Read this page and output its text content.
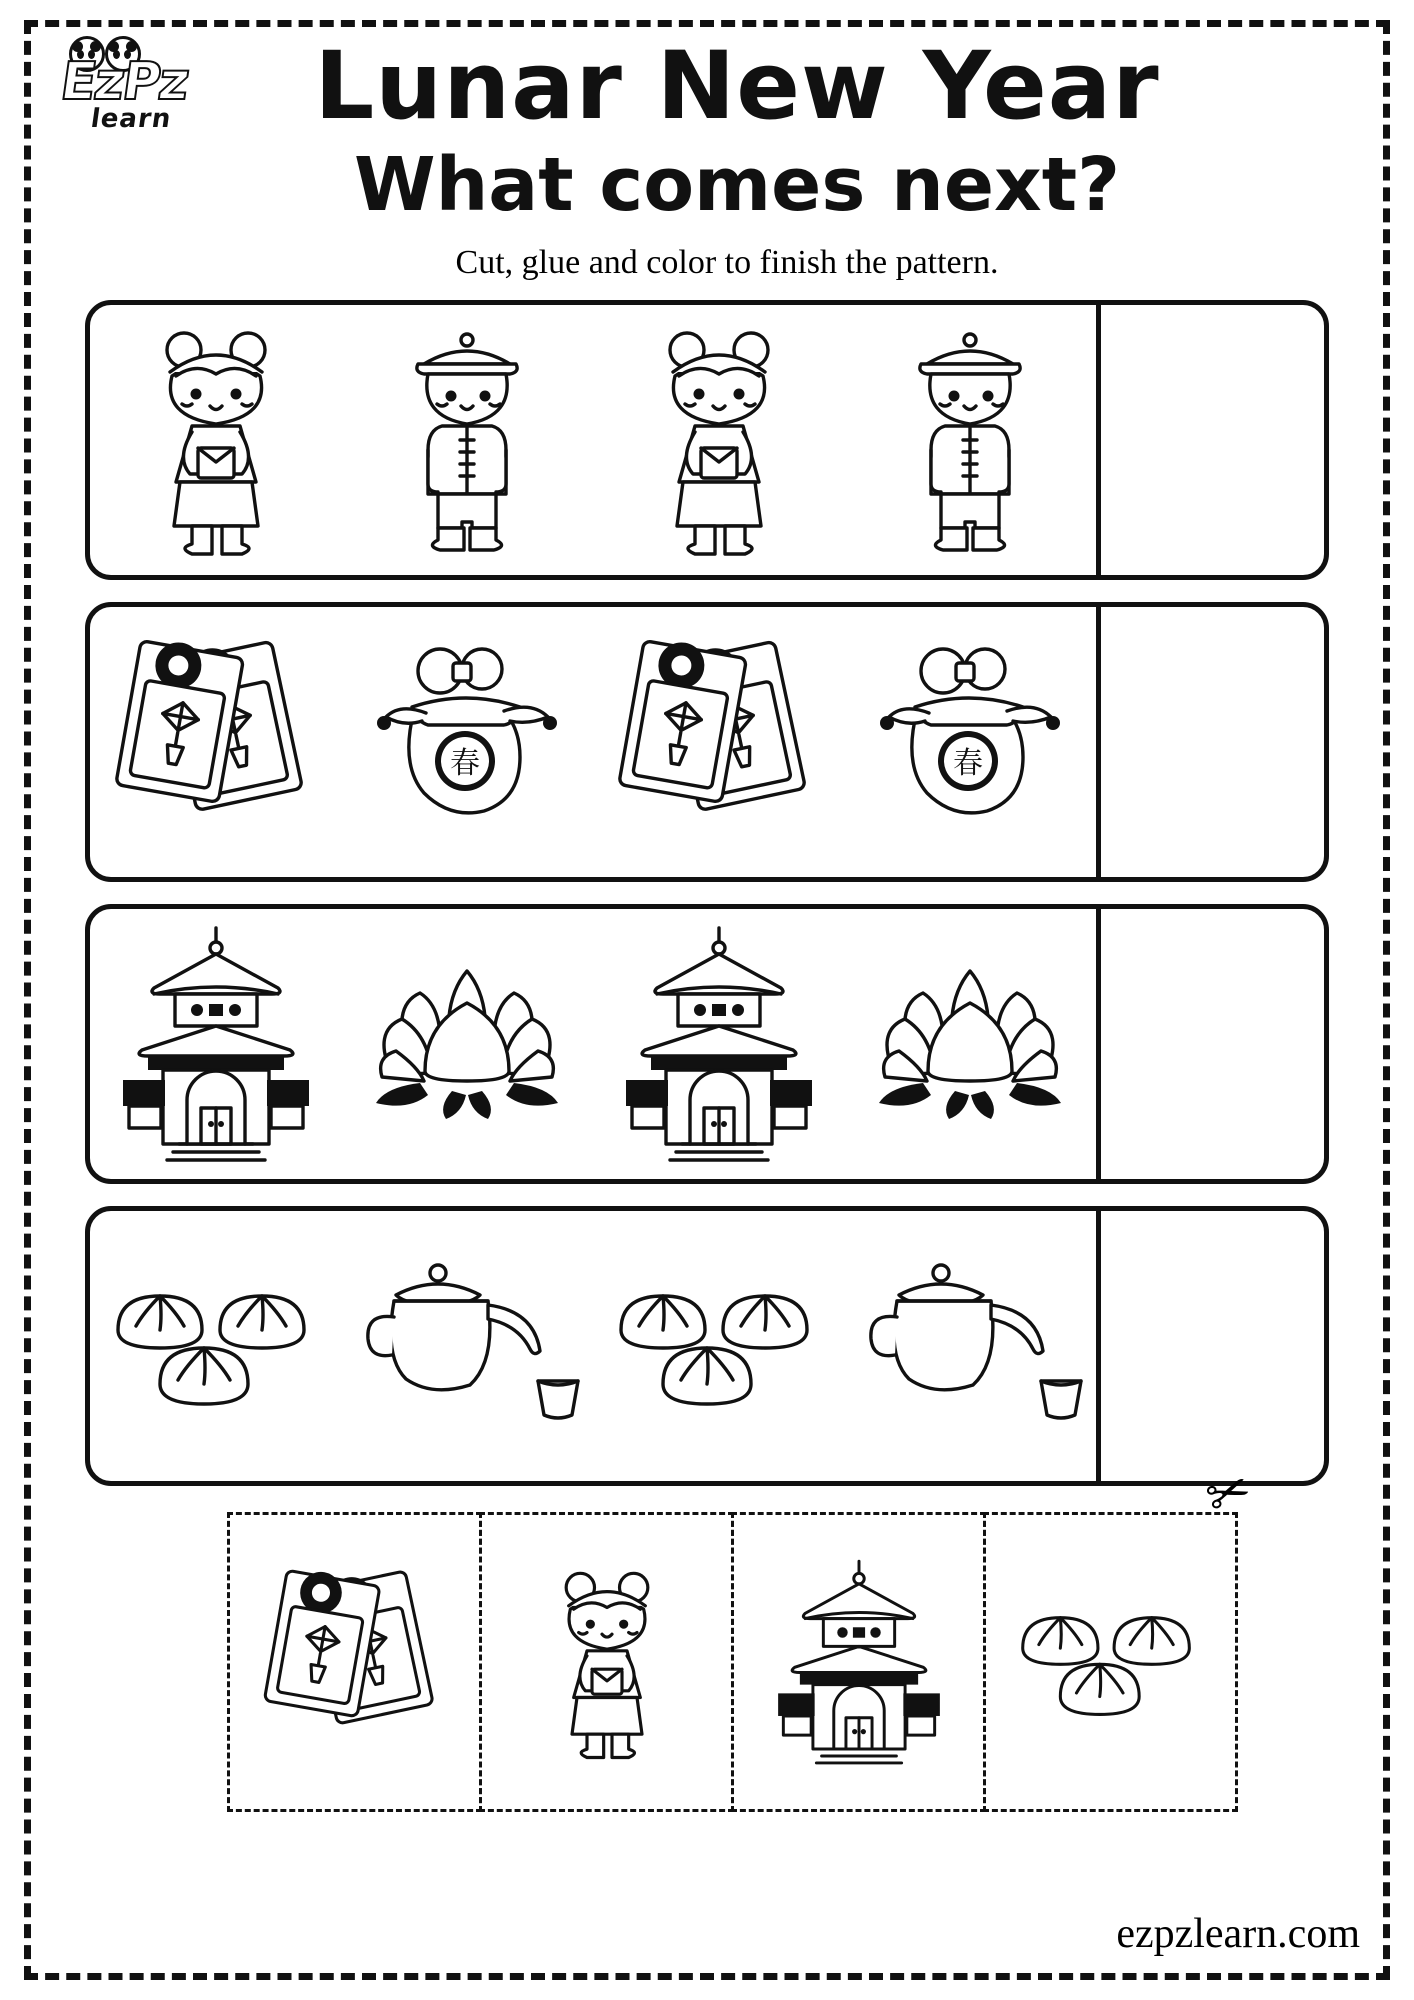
EzPz
learn	Lunar New Year
What comes next?
Cut, glue and color to finish the pattern.
春	春
✂
ezpzlearn.com
